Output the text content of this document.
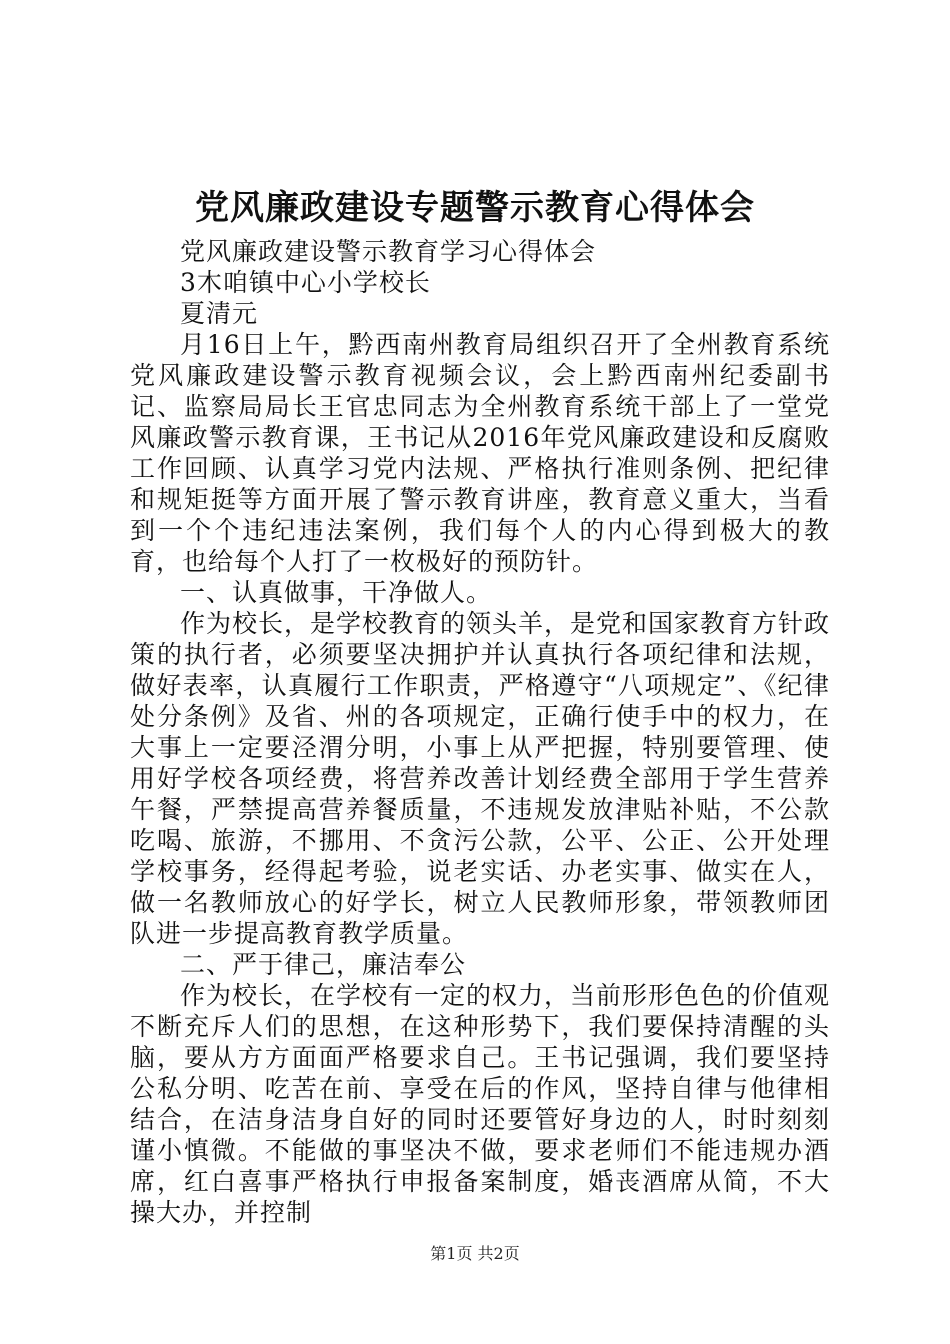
党风廉政建设专题警示教育心得体会

党风廉政建设警示教育学习心得体会

3木咱镇中心小学校长

夏清元

月16日上午，黔西南州教育局组织召开了全州教育系统党风廉政建设警示教育视频会议，会上黔西南州纪委副书记、监察局局长王官忠同志为全州教育系统干部上了一堂党风廉政警示教育课，王书记从2016年党风廉政建设和反腐败工作回顾、认真学习党内法规、严格执行准则条例、把纪律和规矩挺等方面开展了警示教育讲座，教育意义重大，当看到一个个违纪违法案例，我们每个人的内心得到极大的教育，也给每个人打了一枚极好的预防针。

一、认真做事，干净做人。

作为校长，是学校教育的领头羊，是党和国家教育方针政策的执行者，必须要坚决拥护并认真执行各项纪律和法规，做好表率，认真履行工作职责，严格遵守“八项规定”、《纪律处分条例》及省、州的各项规定，正确行使手中的权力，在大事上一定要泾渭分明，小事上从严把握，特别要管理、使用好学校各项经费，将营养改善计划经费全部用于学生营养午餐，严禁提高营养餐质量，不违规发放津贴补贴，不公款吃喝、旅游，不挪用、不贪污公款，公平、公正、公开处理学校事务，经得起考验，说老实话、办老实事、做实在人，做一名教师放心的好学长，树立人民教师形象，带领教师团队进一步提高教育教学质量。

二、严于律己，廉洁奉公

作为校长，在学校有一定的权力，当前形形色色的价值观不断充斥人们的思想，在这种形势下，我们要保持清醒的头脑，要从方方面面严格要求自己。王书记强调，我们要坚持公私分明、吃苦在前、享受在后的作风，坚持自律与他律相结合，在洁身洁身自好的同时还要管好身边的人，时时刻刻谨小慎微。不能做的事坚决不做，要求老师们不能违规办酒席，红白喜事严格执行申报备案制度，婚丧酒席从简，不大操大办，并控制

第1页 共2页
